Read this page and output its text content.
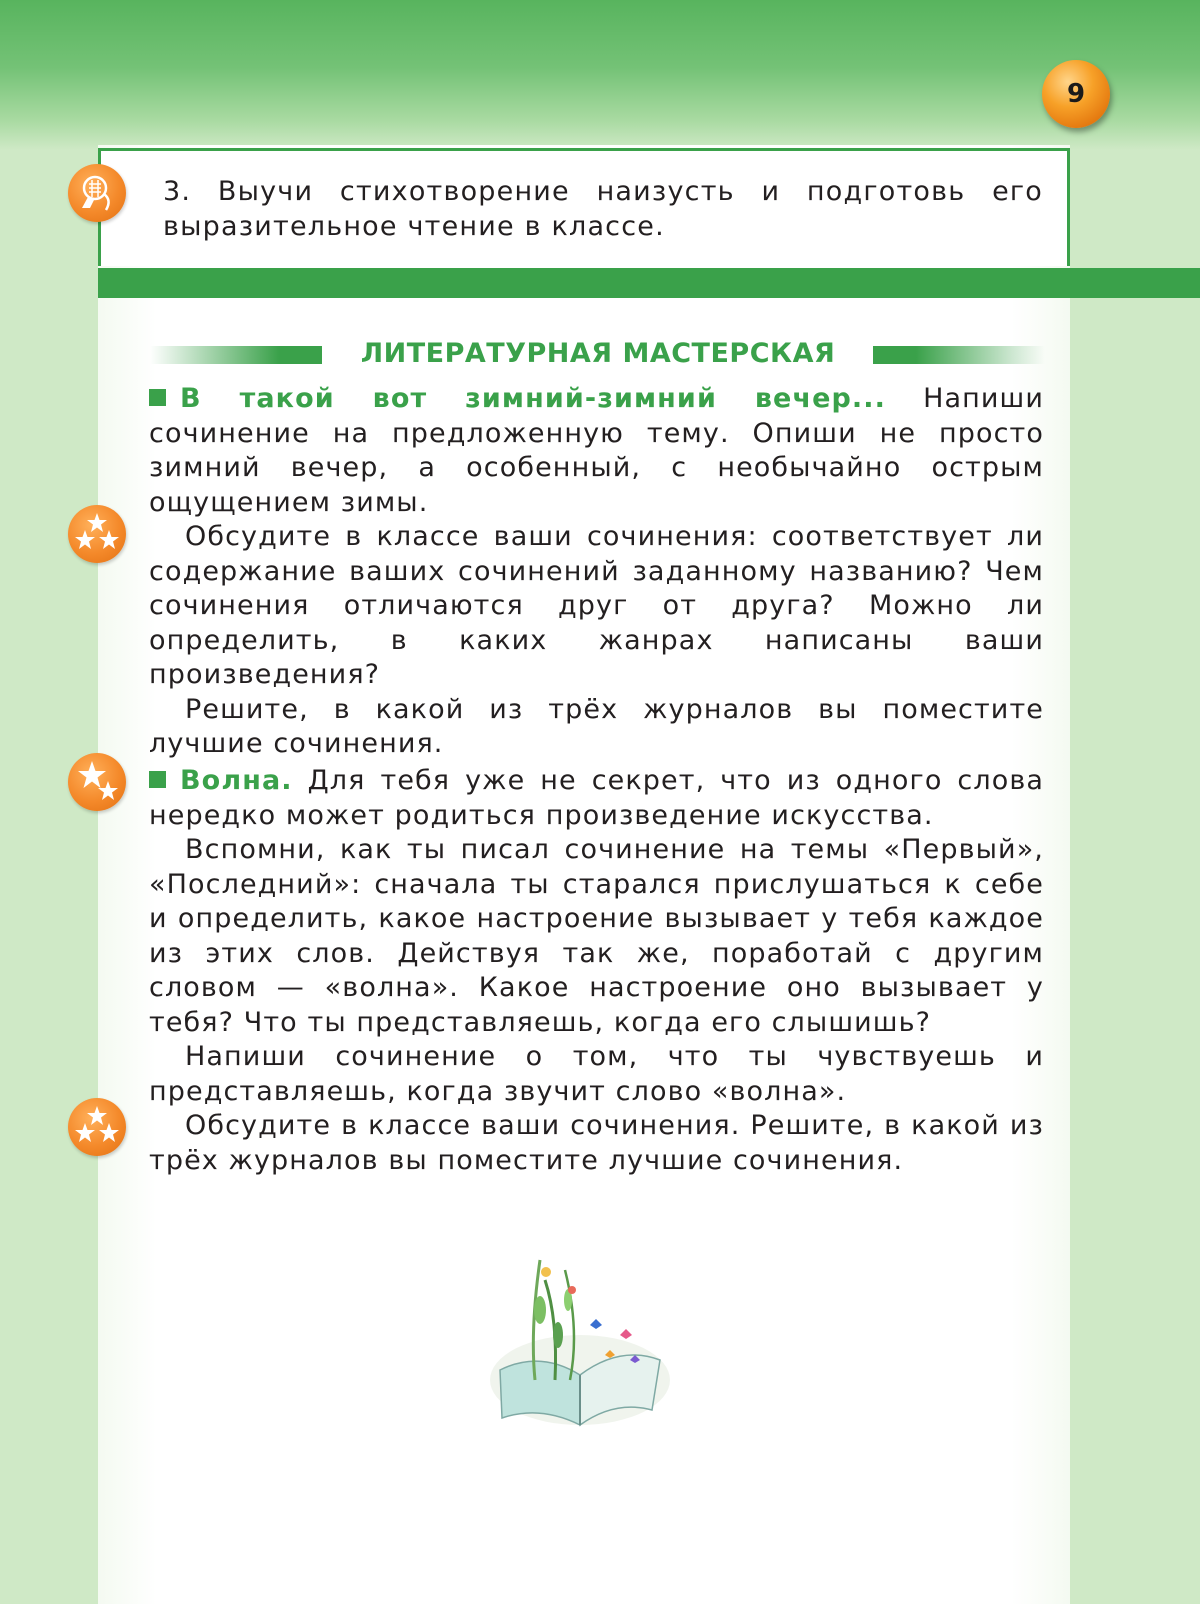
9
3. Выучи стихотворение наизусть и подготовь его выразительное чтение в классе.
ЛИТЕРАТУРНАЯ МАСТЕРСКАЯ
В такой вот зимний-зимний вечер... Напиши сочинение на предложенную тему. Опиши не просто зимний вечер, а особенный, с необычайно острым ощущением зимы.
Обсудите в классе ваши сочинения: соответствует ли содержание ваших сочинений заданному названию? Чем сочинения отличаются друг от друга? Можно ли определить, в каких жанрах написаны ваши произведения?
Решите, в какой из трёх журналов вы поместите лучшие сочинения.
Волна. Для тебя уже не секрет, что из одного слова нередко может родиться произведение искусства.
Вспомни, как ты писал сочинение на темы «Первый», «Последний»: сначала ты старался прислушаться к себе и определить, какое настроение вызывает у тебя каждое из этих слов. Действуя так же, поработай с другим словом — «волна». Какое настроение оно вызывает у тебя? Что ты представляешь, когда его слышишь?
Напиши сочинение о том, что ты чувствуешь и представляешь, когда звучит слово «волна».
Обсудите в классе ваши сочинения. Решите, в какой из трёх журналов вы поместите лучшие сочинения.
